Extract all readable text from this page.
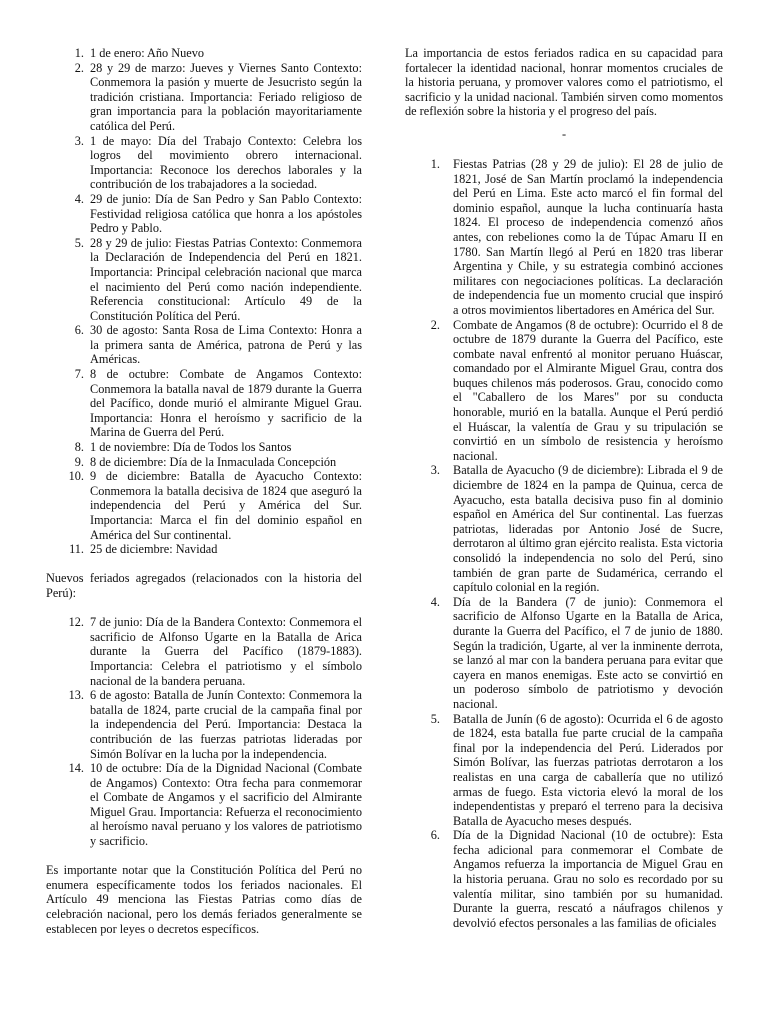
1. 1 de enero: Año Nuevo
2. 28 y 29 de marzo: Jueves y Viernes Santo Contexto: Conmemora la pasión y muerte de Jesucristo según la tradición cristiana. Importancia: Feriado religioso de gran importancia para la población mayoritariamente católica del Perú.
3. 1 de mayo: Día del Trabajo Contexto: Celebra los logros del movimiento obrero internacional. Importancia: Reconoce los derechos laborales y la contribución de los trabajadores a la sociedad.
4. 29 de junio: Día de San Pedro y San Pablo Contexto: Festividad religiosa católica que honra a los apóstoles Pedro y Pablo.
5. 28 y 29 de julio: Fiestas Patrias Contexto: Conmemora la Declaración de Independencia del Perú en 1821. Importancia: Principal celebración nacional que marca el nacimiento del Perú como nación independiente. Referencia constitucional: Artículo 49 de la Constitución Política del Perú.
6. 30 de agosto: Santa Rosa de Lima Contexto: Honra a la primera santa de América, patrona de Perú y las Américas.
7. 8 de octubre: Combate de Angamos Contexto: Conmemora la batalla naval de 1879 durante la Guerra del Pacífico, donde murió el almirante Miguel Grau. Importancia: Honra el heroísmo y sacrificio de la Marina de Guerra del Perú.
8. 1 de noviembre: Día de Todos los Santos
9. 8 de diciembre: Día de la Inmaculada Concepción
10. 9 de diciembre: Batalla de Ayacucho Contexto: Conmemora la batalla decisiva de 1824 que aseguró la independencia del Perú y América del Sur. Importancia: Marca el fin del dominio español en América del Sur continental.
11. 25 de diciembre: Navidad

Nuevos feriados agregados (relacionados con la historia del Perú):

12. 7 de junio: Día de la Bandera Contexto: Conmemora el sacrificio de Alfonso Ugarte en la Batalla de Arica durante la Guerra del Pacífico (1879-1883). Importancia: Celebra el patriotismo y el símbolo nacional de la bandera peruana.
13. 6 de agosto: Batalla de Junín Contexto: Conmemora la batalla de 1824, parte crucial de la campaña final por la independencia del Perú. Importancia: Destaca la contribución de las fuerzas patriotas lideradas por Simón Bolívar en la lucha por la independencia.
14. 10 de octubre: Día de la Dignidad Nacional (Combate de Angamos) Contexto: Otra fecha para conmemorar el Combate de Angamos y el sacrificio del Almirante Miguel Grau. Importancia: Refuerza el reconocimiento al heroísmo naval peruano y los valores de patriotismo y sacrificio.

Es importante notar que la Constitución Política del Perú no enumera específicamente todos los feriados nacionales. El Artículo 49 menciona las Fiestas Patrias como días de celebración nacional, pero los demás feriados generalmente se establecen por leyes o decretos específicos.

La importancia de estos feriados radica en su capacidad para fortalecer la identidad nacional, honrar momentos cruciales de la historia peruana, y promover valores como el patriotismo, el sacrificio y la unidad nacional. También sirven como momentos de reflexión sobre la historia y el progreso del país.

-

1. Fiestas Patrias (28 y 29 de julio): El 28 de julio de 1821, José de San Martín proclamó la independencia del Perú en Lima. Este acto marcó el fin formal del dominio español, aunque la lucha continuaría hasta 1824. El proceso de independencia comenzó años antes, con rebeliones como la de Túpac Amaru II en 1780. San Martín llegó al Perú en 1820 tras liberar Argentina y Chile, y su estrategia combinó acciones militares con negociaciones políticas. La declaración de independencia fue un momento crucial que inspiró a otros movimientos libertadores en América del Sur.
2. Combate de Angamos (8 de octubre): Ocurrido el 8 de octubre de 1879 durante la Guerra del Pacífico, este combate naval enfrentó al monitor peruano Huáscar, comandado por el Almirante Miguel Grau, contra dos buques chilenos más poderosos. Grau, conocido como el "Caballero de los Mares" por su conducta honorable, murió en la batalla. Aunque el Perú perdió el Huáscar, la valentía de Grau y su tripulación se convirtió en un símbolo de resistencia y heroísmo nacional.
3. Batalla de Ayacucho (9 de diciembre): Librada el 9 de diciembre de 1824 en la pampa de Quinua, cerca de Ayacucho, esta batalla decisiva puso fin al dominio español en América del Sur continental. Las fuerzas patriotas, lideradas por Antonio José de Sucre, derrotaron al último gran ejército realista. Esta victoria consolidó la independencia no solo del Perú, sino también de gran parte de Sudamérica, cerrando el capítulo colonial en la región.
4. Día de la Bandera (7 de junio): Conmemora el sacrificio de Alfonso Ugarte en la Batalla de Arica, durante la Guerra del Pacífico, el 7 de junio de 1880. Según la tradición, Ugarte, al ver la inminente derrota, se lanzó al mar con la bandera peruana para evitar que cayera en manos enemigas. Este acto se convirtió en un poderoso símbolo de patriotismo y devoción nacional.
5. Batalla de Junín (6 de agosto): Ocurrida el 6 de agosto de 1824, esta batalla fue parte crucial de la campaña final por la independencia del Perú. Liderados por Simón Bolívar, las fuerzas patriotas derrotaron a los realistas en una carga de caballería que no utilizó armas de fuego. Esta victoria elevó la moral de los independentistas y preparó el terreno para la decisiva Batalla de Ayacucho meses después.
6. Día de la Dignidad Nacional (10 de octubre): Esta fecha adicional para conmemorar el Combate de Angamos refuerza la importancia de Miguel Grau en la historia peruana. Grau no solo es recordado por su valentía militar, sino también por su humanidad. Durante la guerra, rescató a náufragos chilenos y devolvió efectos personales a las familias de oficiales
